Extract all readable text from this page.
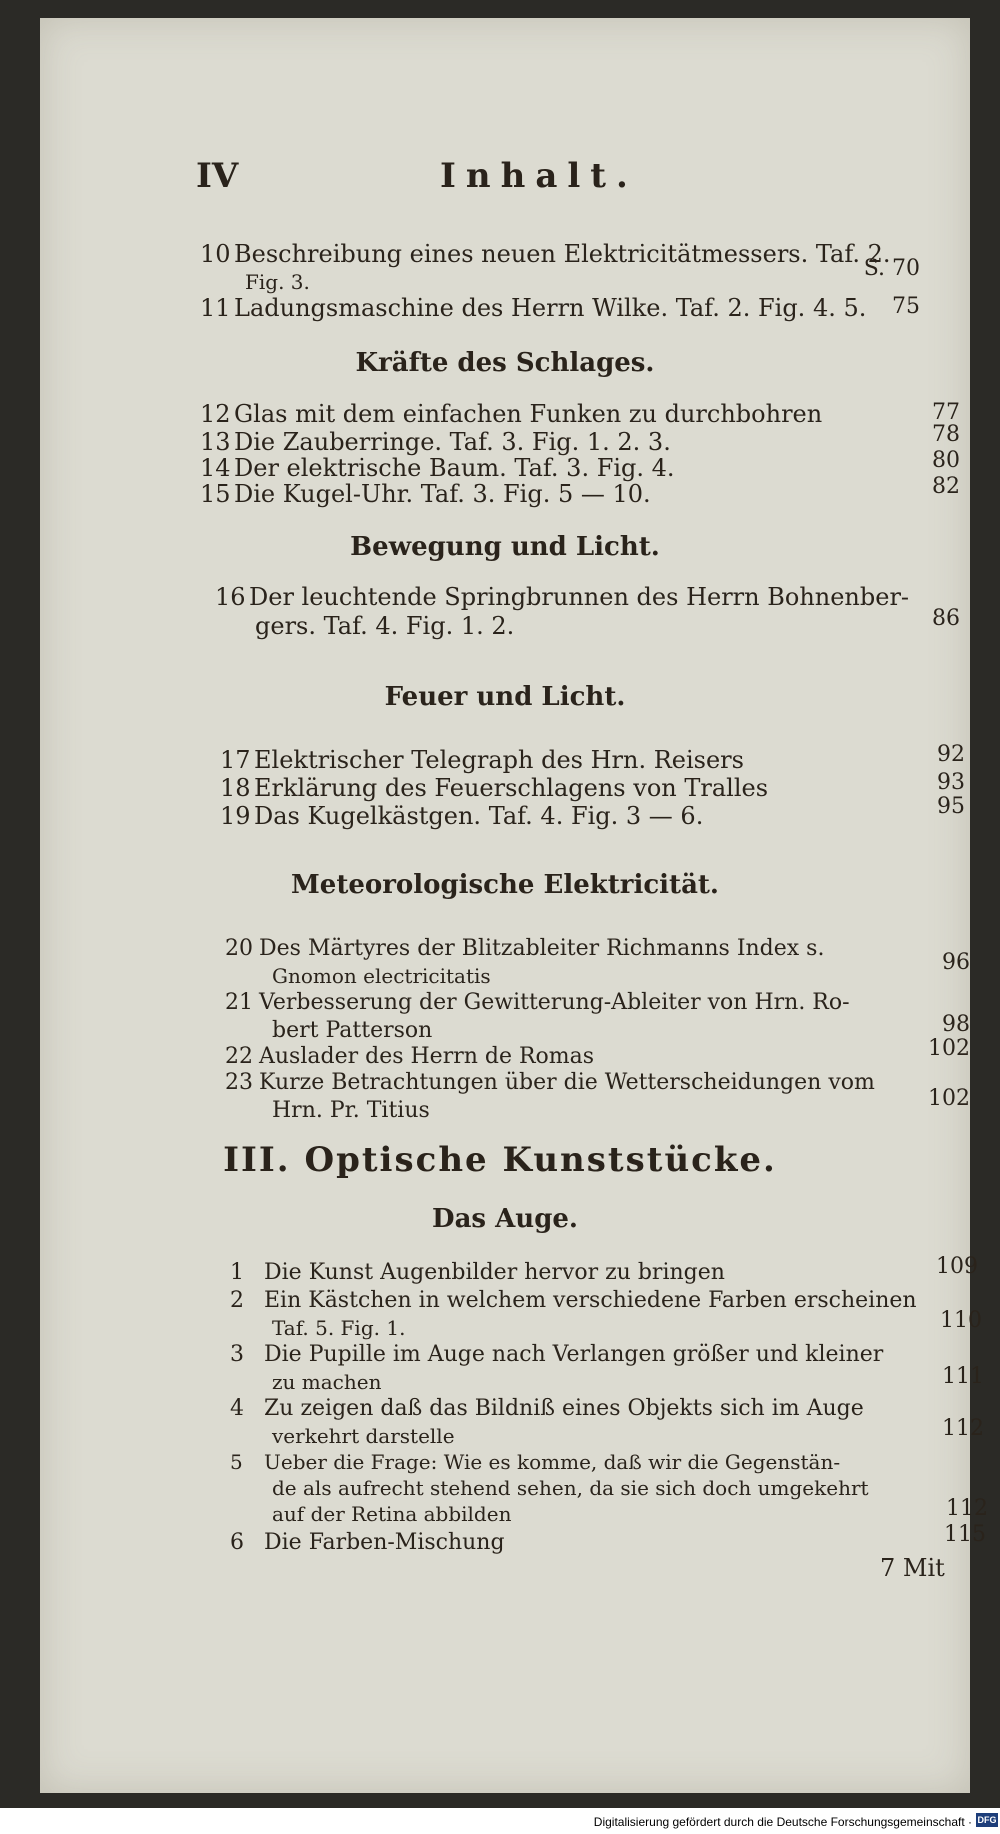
IV	Inhalt.
10 Beschreibung eines neuen Elektricitätmessers. Taf. 2.
Fig. 3.
S. 70
11 Ladungsmaschine des Herrn Wilke. Taf. 2. Fig. 4. 5.	75
Kräfte des Schlages.
12 Glas mit dem einfachen Funken zu durchbohren	77
13 Die Zauberringe. Taf. 3. Fig. 1. 2. 3.	78
14 Der elektrische Baum. Taf. 3. Fig. 4.	80
15 Die Kugel-Uhr. Taf. 3. Fig. 5 — 10.	82
Bewegung und Licht.
16 Der leuchtende Springbrunnen des Herrn Bohnenber-
gers. Taf. 4. Fig. 1. 2.	86
Feuer und Licht.
17 Elektrischer Telegraph des Hrn. Reisers	92
18 Erklärung des Feuerschlagens von Tralles	93
19 Das Kugelkästgen. Taf. 4. Fig. 3 — 6.	95
Meteorologische Elektricität.
20 Des Märtyres der Blitzableiter Richmanns Index s.
Gnomon electricitatis
96
21 Verbesserung der Gewitterung-Ableiter von Hrn. Ro-
bert Patterson	98
22 Auslader des Herrn de Romas	102
23 Kurze Betrachtungen über die Wetterscheidungen vom
Hrn. Pr. Titius	102
III. Optische Kunststücke.
Das Auge.
1 Die Kunst Augenbilder hervor zu bringen	109
2 Ein Kästchen in welchem verschiedene Farben erscheinen
Taf. 5. Fig. 1.	110
3 Die Pupille im Auge nach Verlangen größer und kleiner
zu machen	111
4 Zu zeigen daß das Bildniß eines Objekts sich im Auge
verkehrt darstelle	112
5 Ueber die Frage: Wie es komme, daß wir die Gegenstän-
de als aufrecht stehend sehen, da sie sich doch umgekehrt
auf der Retina abbilden	112
6 Die Farben-Mischung	115
7 Mit
Digitalisierung gefördert durch die Deutsche Forschungsgemeinschaft · DFG
